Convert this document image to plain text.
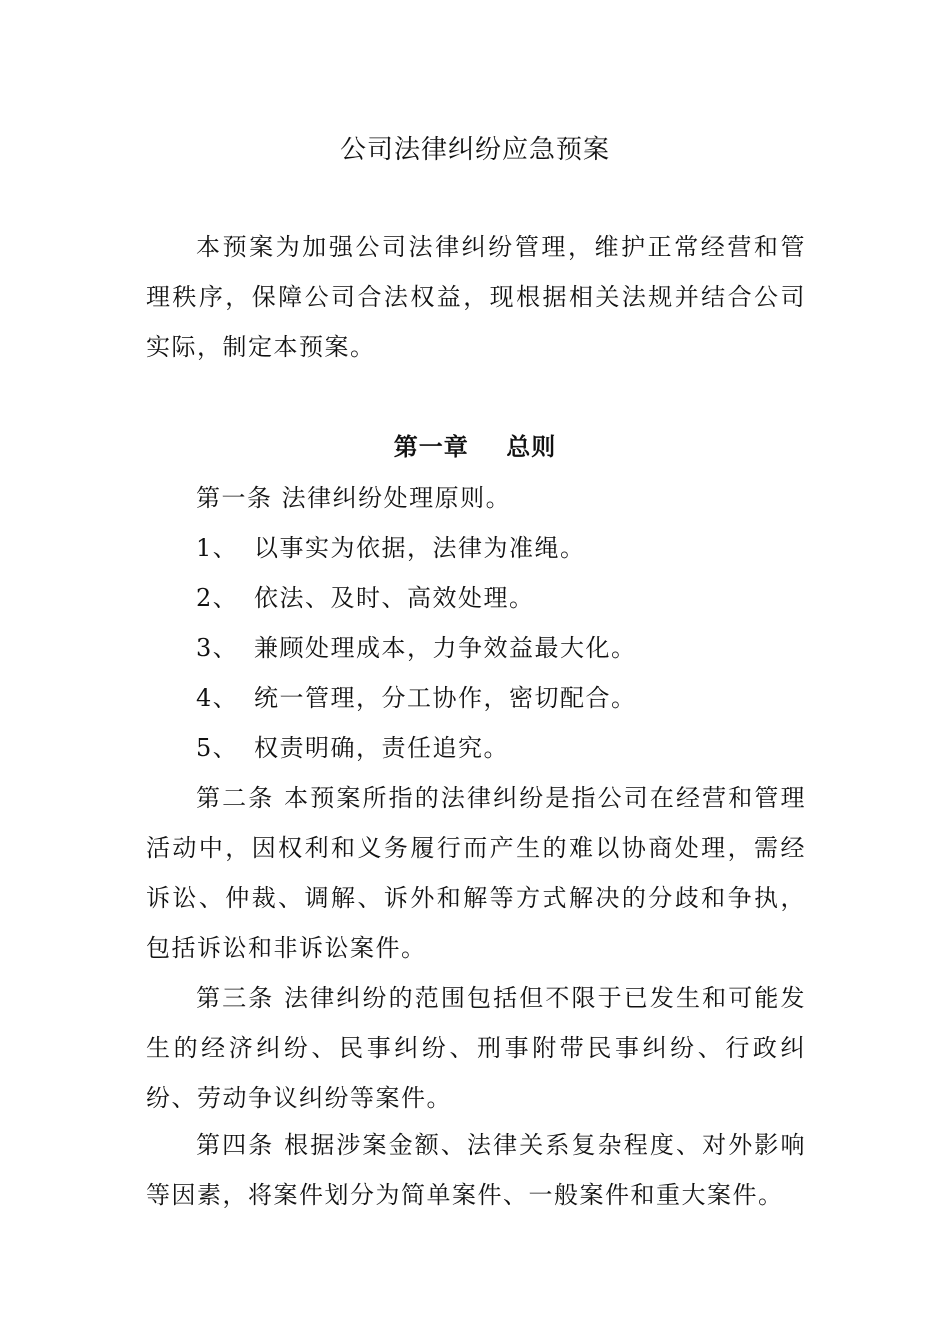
公司法律纠纷应急预案
本预案为加强公司法律纠纷管理，维护正常经营和管理秩序，保障公司合法权益，现根据相关法规并结合公司实际，制定本预案。
第一章    总则
第一条 法律纠纷处理原则。
1、 以事实为依据，法律为准绳。
2、 依法、及时、高效处理。
3、 兼顾处理成本，力争效益最大化。
4、 统一管理，分工协作，密切配合。
5、 权责明确，责任追究。
第二条 本预案所指的法律纠纷是指公司在经营和管理活动中，因权利和义务履行而产生的难以协商处理，需经诉讼、仲裁、调解、诉外和解等方式解决的分歧和争执，包括诉讼和非诉讼案件。
第三条 法律纠纷的范围包括但不限于已发生和可能发生的经济纠纷、民事纠纷、刑事附带民事纠纷、行政纠纷、劳动争议纠纷等案件。
第四条 根据涉案金额、法律关系复杂程度、对外影响等因素，将案件划分为简单案件、一般案件和重大案件。
